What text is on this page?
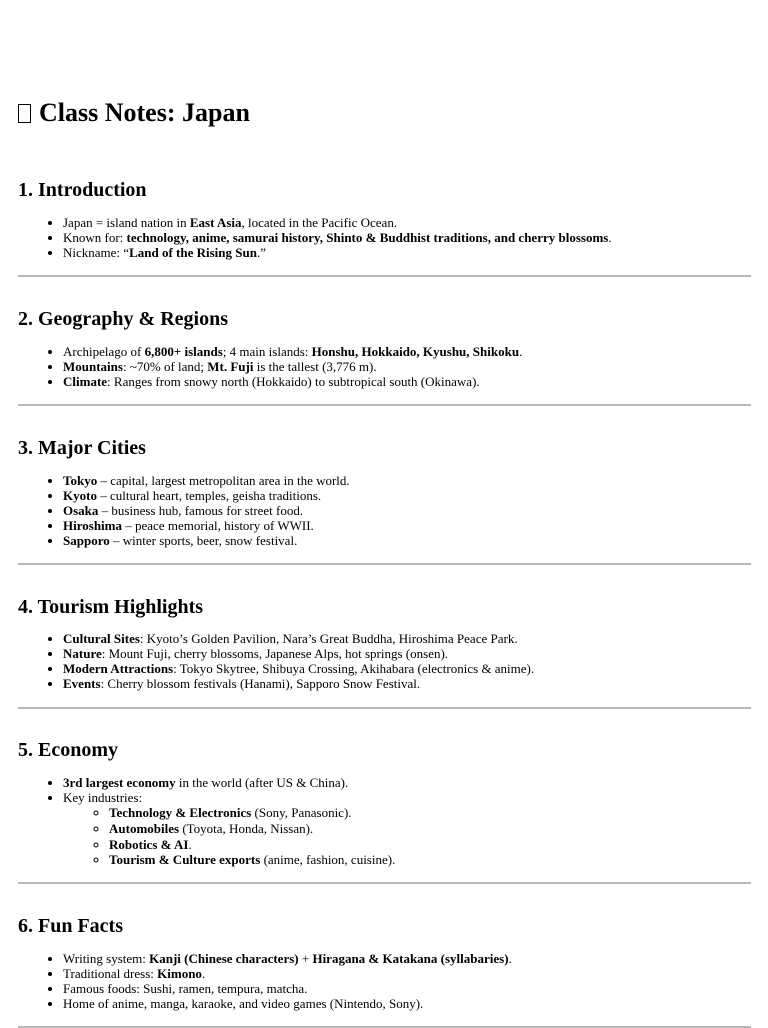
Class Notes: Japan
1. Introduction
• Japan = island nation in East Asia, located in the Pacific Ocean.
• Known for: technology, anime, samurai history, Shinto & Buddhist traditions, and cherry blossoms.
• Nickname: “Land of the Rising Sun.”
2. Geography & Regions
• Archipelago of 6,800+ islands; 4 main islands: Honshu, Hokkaido, Kyushu, Shikoku.
• Mountains: ~70% of land; Mt. Fuji is the tallest (3,776 m).
• Climate: Ranges from snowy north (Hokkaido) to subtropical south (Okinawa).
3. Major Cities
• Tokyo – capital, largest metropolitan area in the world.
• Kyoto – cultural heart, temples, geisha traditions.
• Osaka – business hub, famous for street food.
• Hiroshima – peace memorial, history of WWII.
• Sapporo – winter sports, beer, snow festival.
4. Tourism Highlights
• Cultural Sites: Kyoto’s Golden Pavilion, Nara’s Great Buddha, Hiroshima Peace Park.
• Nature: Mount Fuji, cherry blossoms, Japanese Alps, hot springs (onsen).
• Modern Attractions: Tokyo Skytree, Shibuya Crossing, Akihabara (electronics & anime).
• Events: Cherry blossom festivals (Hanami), Sapporo Snow Festival.
5. Economy
• 3rd largest economy in the world (after US & China).
• Key industries:
◦ Technology & Electronics (Sony, Panasonic).
◦ Automobiles (Toyota, Honda, Nissan).
◦ Robotics & AI.
◦ Tourism & Culture exports (anime, fashion, cuisine).
6. Fun Facts
• Writing system: Kanji (Chinese characters) + Hiragana & Katakana (syllabaries).
• Traditional dress: Kimono.
• Famous foods: Sushi, ramen, tempura, matcha.
• Home of anime, manga, karaoke, and video games (Nintendo, Sony).
